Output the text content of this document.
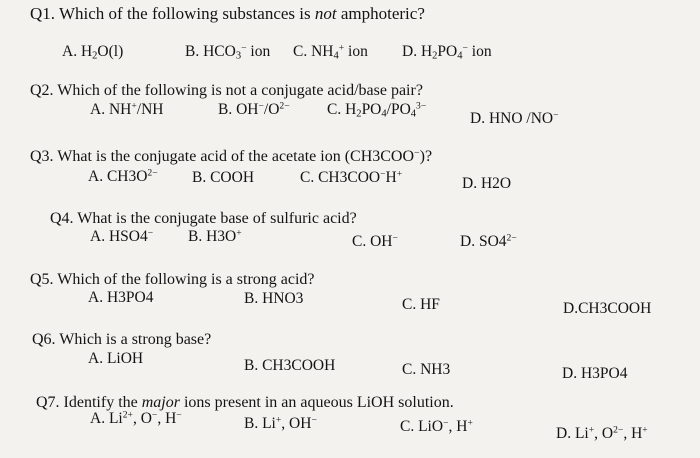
Q1. Which of the following substances is not amphoteric?
A. $H_2O(l)$	B. $HCO_3^-$ ion C. $NH_4^+$ ion D. $H_2PO_4^-$ ion
Q2. Which of the following is not a conjugate acid/base pair?
A. NH+/NH	B. $OH^-/O^{2-}$ C. $H_2PO_4/PO_4^{3-}$
D. HNO /NO−
Q3. What is the conjugate acid of the acetate ion (CH3COO−)?
A. $CH3O^{2-}$ B. COOH	C. CH3COO−H+
D. H2O
Q4. What is the conjugate base of sulfuric acid?
A. HSO4− B. H3O+	C. OH−	D. $SO4^{2-}$
Q5. Which of the following is a strong acid?
A. H3PO4	B. HNO3	C. HF	D.CH3COOH
Q6. Which is a strong base?
A. LiOH	B. CH3COOH	C. NH3	D. H3PO4
Q7. Identify the major ions present in an aqueous LiOH solution.
A. $Li^{2+}$, O−, H−	B. Li+, OH−	C. LiO−, H+
D. Li+, $O^{2-}$, H+
